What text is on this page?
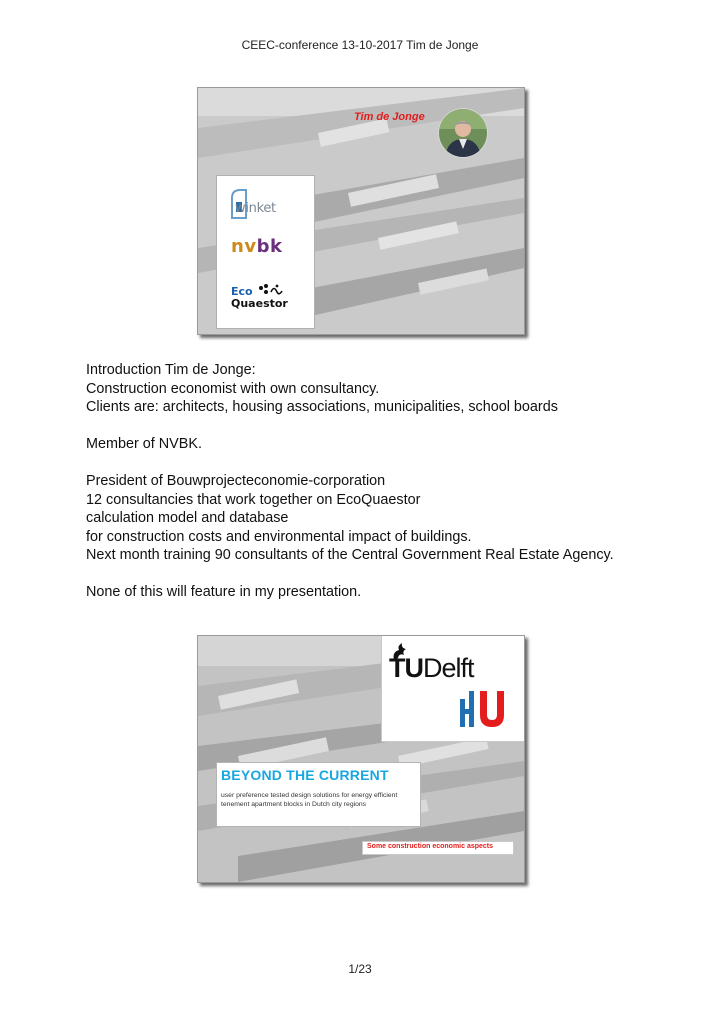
CEEC-conference 13-10-2017 Tim de Jonge
Tim de Jonge
winket
nvbk
Eco
Quaestor

Introduction Tim de Jonge:

Construction economist with own consultancy.

Clients are: architects, housing associations, municipalities, school boards

Member of NVBK.

President of Bouwprojecteconomie-corporation

12 consultancies that work together on EcoQuaestor

calculation model and database

for construction costs and environmental impact of buildings.

Next month training 90 consultants of the Central Government Real Estate Agency.

None of this will feature in my presentation.

TUDelft
BEYOND THE CURRENT
user preference tested design solutions for energy efficient tenement apartment blocks in Dutch city regions
Some construction economic aspects
1/23
